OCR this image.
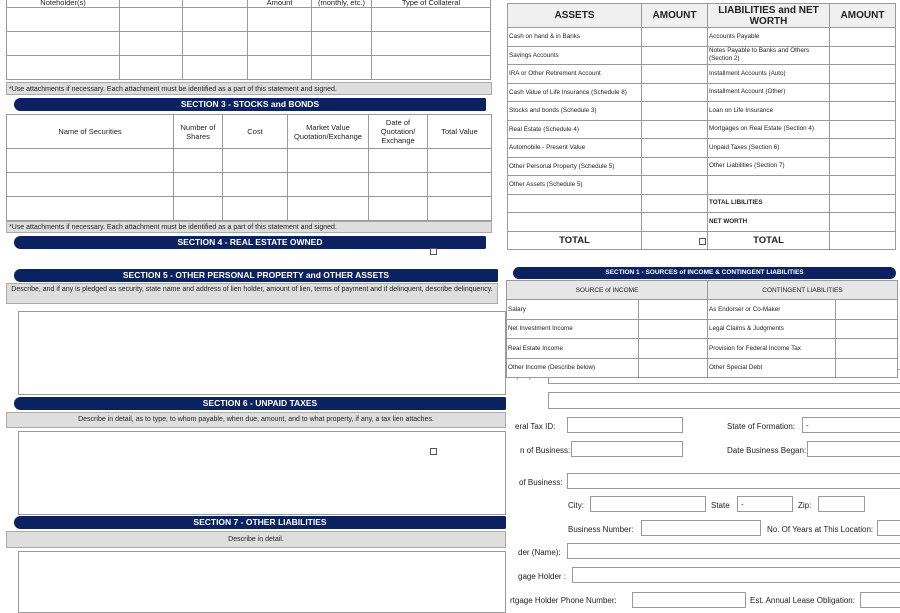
Noteholder(s)			Amount	(monthly, etc.)	Type of Collateral

*Use attachments if necessary. Each attachment must be identified as a part of this statement and signed.
SECTION 3 - STOCKS and BONDS
Name of Securities	Number of Shares	Cost	Market Value Quotation/Exchange	Date of Quotation/ Exchange	Total Value

*Use attachments if necessary. Each attachment must be identified as a part of this statement and signed.
SECTION 4 - REAL ESTATE OWNED
SECTION 5 - OTHER PERSONAL PROPERTY and OTHER ASSETS
Describe, and if any is pledged as security, state name and address of lien holder, amount of lien, terms of payment and if delinquent, describe delinquency.
SECTION 6 - UNPAID TAXES
Describe in detail, as to type, to whom payable, when due, amount, and to what property, if any, a tax lien attaches.
SECTION 7 - OTHER LIABILITIES
Describe in detail.
ASSETS	AMOUNT	LIABILITIES and NET WORTH	AMOUNT
Cash on hand & in Banks		Accounts Payable	
Savings Accounts		Notes Payable to Banks and Others (Section 2)	
IRA or Other Retirement Account		Installment Accounts (Auto)	
Cash Value of Life Insurance (Schedule 8)		Installment Account (Other)	
Stocks and bonds (Schedule 3)		Loan on Life Insurance	
Real Estate (Schedule 4)		Mortgages on Real Estate (Section 4)	
Automobile - Present Value		Unpaid Taxes (Section 6)	
Other Personal Property (Schedule 5)		Other Liabilities (Section 7)	
Other Assets (Schedule 5)			
		TOTAL LIBILITIES	
		NET WORTH	
TOTAL		TOTAL	
eral Tax ID:	State of Formation:	-
n of Business:	Date Business Began:
of Business:
City:	State	-	Zip:
Business Number:	No. Of Years at This Location:
der (Name):
gage Holder :
rtgage Holder Phone Number:	Est. Annual Lease Obligation:
SECTION 1 - SOURCES of INCOME & CONTINGENT LIABILITIES
SOURCE of INCOME		CONTINGENT LIABILITIES	
Salary		As Endorser or Co-Maker	
Net Investment Income		Legal Claims & Judgments	
Real Estate Income		Provision for Federal Income Tax	
Other Income (Describe below)		Other Special Debt	
